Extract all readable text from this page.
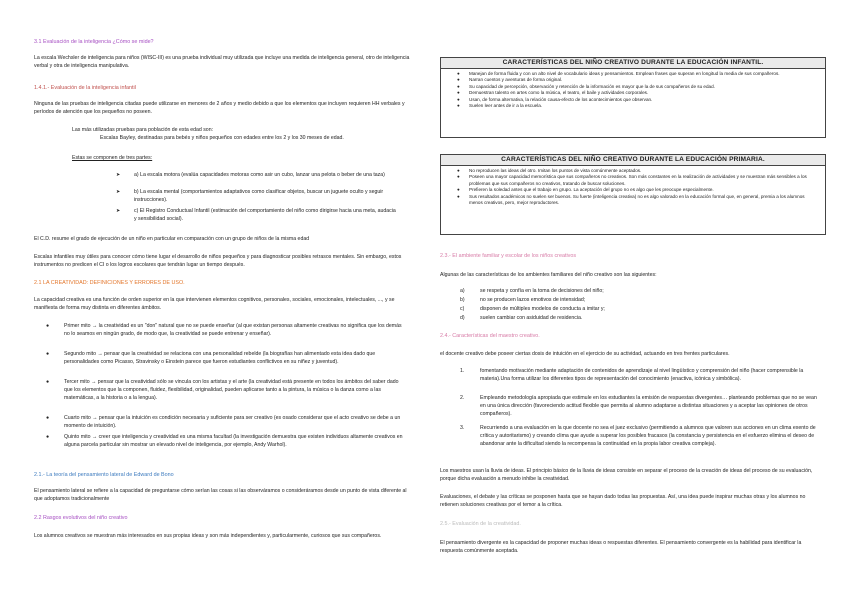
3.1 Evaluación de la inteligencia ¿Cómo se mide?

La escala Wechsler de inteligencia para niños (WISC-III) es una prueba individual muy utilizada que incluye una medida de inteligencia general, otro de inteligencia verbal y otra de inteligencia manipulativa.

1.4.1.- Evaluación de la inteligencia infantil

Ninguna de las pruebas de inteligencia citadas puede utilizarse en menores de 2 años y medio debido a que los elementos que incluyen requieren HH verbales y períodos de atención que los pequeños no poseen.

Las más utilizadas pruebas para población de esta edad son:

Escalas Bayley, destinadas para bebés y niños pequeños con edades entre los 2 y los 30 meses de edad.

Estas se componen de tres partes:

➤	a) La escala motora (evalúa capacidades motoras como asir un cubo, lanzar una pelota o beber de una taza)
➤	b) La escala mental (comportamientos adaptativos como clasificar objetos, buscar un juguete oculto y seguir instrucciones).
➤	c) El Registro Conductual Infantil (estimación del comportamiento del niño como dirigirse hacia una meta, audacia y sensibilidad social).

El C.D. resume el grado de ejecución de un niño en particular en comparación con un grupo de niños de la misma edad

Escalas infantiles muy útiles para conocer cómo tiene lugar el desarrollo de niños pequeños y para diagnosticar posibles retrasos mentales. Sin embargo, estos instrumentos no predicen el CI o los logros escolares que tendrán lugar un tiempo después.

2.1 LA CREATIVIDAD: DEFINICIONES Y ERRORES DE USO.

La capacidad creativa es una función de orden superior en la que intervienen elementos cognitivos, personales, sociales, emocionales, intelectuales, ..., y se manifiesta de forma muy distinta en diferentes ámbitos.

●	Primer mito → la creatividad es un "don" natural que no se puede enseñar (al que existan personas altamente creativas no significa que los demás no lo seamos en ningún grado, de modo que, la creatividad se puede entrenar y enseñar).
●	Segundo mito → pensar que la creatividad se relaciona con una personalidad rebelde (la biografías han alimentado esta idea dado que personalidades como Picasso, Stravinsky o Einstein parece que fueron estudiantes conflictivos en su niñez y juventud).
●	Tercer mito → pensar que la creatividad sólo se vincula con los artistas y el arte (la creatividad está presente en todos los ámbitos del saber dado que los elementos que la componen, fluidez, flexibilidad, originalidad, pueden aplicarse tanto a la pintura, la música o la danza como a las matemáticas, a la historia o a la lengua).
●	Cuarto mito → pensar que la intuición es condición necesaria y suficiente para ser creativo (es osado considerar que el acto creativo se debe a un momento de intuición).
●	Quinto mito → creer que inteligencia y creatividad es una misma facultad (la investigación demuestra que existen individuos altamente creativos en alguna parcela particular sin mostrar un elevado nivel de inteligencia, por ejemplo, Andy Warhol).
2.1.- La teoría del pensamiento lateral de Edward de Bono

El pensamiento lateral se refiere a la capacidad de preguntarse cómo serían las cosas si las observáramos o consideráramos desde un punto de vista diferente al que adoptamos tradicionalmente

2.2 Rasgos evolutivos del niño creativo

Los alumnos creativos se muestran más interesados en sus propias ideas y son más independientes y, particularmente, curiosos que sus compañeros.

CARACTERÍSTICAS DEL NIÑO CREATIVO DURANTE LA EDUCACIÓN INFANTIL.
● Manejan de forma fluida y con un alto nivel de vocabulario ideas y pensamientos. Emplean frases que superan en longitud la media de sus compañeros.
● Narran cuentos y aventuras de forma original.
● Su capacidad de percepción, observación y retención de la información es mayor que la de sus compañeros de su edad.
● Demuestran talento en artes como la música, el teatro, el baile y actividades corporales.
● Usan, de forma alternativa, la relación causa-efecto de los acontecimientos que observan.
● Suelen leer antes de ir a la escuela.
CARACTERÍSTICAS DEL NIÑO CREATIVO DURANTE LA EDUCACIÓN PRIMARIA.
● No reproducen las ideas del otro. Imitan los puntos de vista comúnmente aceptados.
● Poseen una mayor capacidad memorística que sus compañeros no creativos. Son más constantes en la realización de actividades y se muestran más sensibles a los problemas que sus compañeros no creativos, tratando de buscar soluciones.
● Prefieren la soledad antes que el trabajo en grupo. La aceptación del grupo no es algo que les preocupe especialmente.
● Sus resultados académicos no suelen ser buenos. Su fuerte (inteligencia creativa) no es algo valorado en la educación formal que, en general, premia a los alumnos menos creativos, pero, mejor reproductores.
2.3.- El ambiente familiar y escolar de los niños creativos

Algunas de las características de los ambientes familiares del niño creativo son las siguientes:

a)	se respeta y confía en la toma de decisiones del niño;
b)	no se producen lazos emotivos de intensidad;
c)	disponen de múltiples modelos de conducta a imitar y;
d)	suelen cambiar con asiduidad de residencia.
2.4.- Características del maestro creativo.

el docente creativo debe poseer ciertas dosis de intuición en el ejercicio de su actividad, actuando en tres frentes particulares.

1.	fomentando motivación mediante adaptación de contenidos de aprendizaje al nivel lingüístico y comprensión del niño (hacer comprensible la materia).Una forma utilizar los diferentes tipos de representación del conocimiento (enactiva, icónica y simbólica).
2.	Empleando metodología apropiada que estimule en los estudiantes la emisión de respuestas divergentes… planteando problemas que no se vean en una única dirección (favoreciendo actitud flexible que permita al alumno adaptarse a distintas situaciones y a aceptar las opiniones de otros compañeros).
3.	Recurriendo a una evaluación en la que docente no sea el juez exclusivo (permitiendo a alumnos que valoren sus acciones en un clima exento de crítica y autoritarismo) y creando clima que ayude a superar los posibles fracasos (la constancia y persistencia en el esfuerzo elimina el deseo de abandonar ante la dificultad siendo la recompensa la continuidad en la propia labor creativa compleja).

Los maestros usan la lluvia de ideas. El principio básico de la lluvia de ideas consiste en separar el proceso de la creación de ideas del proceso de su evaluación, porque dicha evaluación a menudo inhibe la creatividad.

Evaluaciones, el debate y las críticas se posponen hasta que se hayan dado todas las propuestas. Así, una idea puede inspirar muchas otras y los alumnos no retienen soluciones creativas por el temor a la crítica.

2.5.- Evaluación de la creatividad.

El pensamiento divergente es la capacidad de proponer muchas ideas o respuestas diferentes. El pensamiento convergente es la habilidad para identificar la respuesta comúnmente aceptada.
